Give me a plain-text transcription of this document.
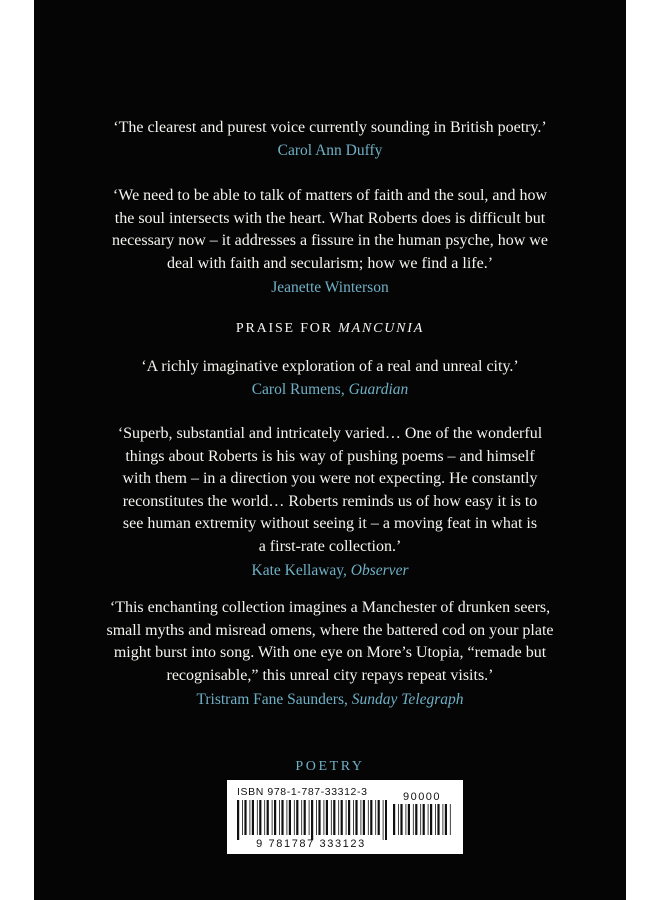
‘The clearest and purest voice currently sounding in British poetry.’

Carol Ann Duffy

‘We need to be able to talk of matters of faith and the soul, and how

the soul intersects with the heart. What Roberts does is difficult but

necessary now – it addresses a fissure in the human psyche, how we

deal with faith and secularism; how we find a life.’

Jeanette Winterson

PRAISE FOR MANCUNIA

‘A richly imaginative exploration of a real and unreal city.’

Carol Rumens, Guardian

‘Superb, substantial and intricately varied… One of the wonderful

things about Roberts is his way of pushing poems – and himself

with them – in a direction you were not expecting. He constantly

reconstitutes the world… Roberts reminds us of how easy it is to

see human extremity without seeing it – a moving feat in what is

a first-rate collection.’

Kate Kellaway, Observer

‘This enchanting collection imagines a Manchester of drunken seers,

small myths and misread omens, where the battered cod on your plate

might burst into song. With one eye on More’s Utopia, “remade but

recognisable,” this unreal city repays repeat visits.’

Tristram Fane Saunders, Sunday Telegraph

POETRY
ISBN 978-1-787-33312-3	90000
9 781787 333123
